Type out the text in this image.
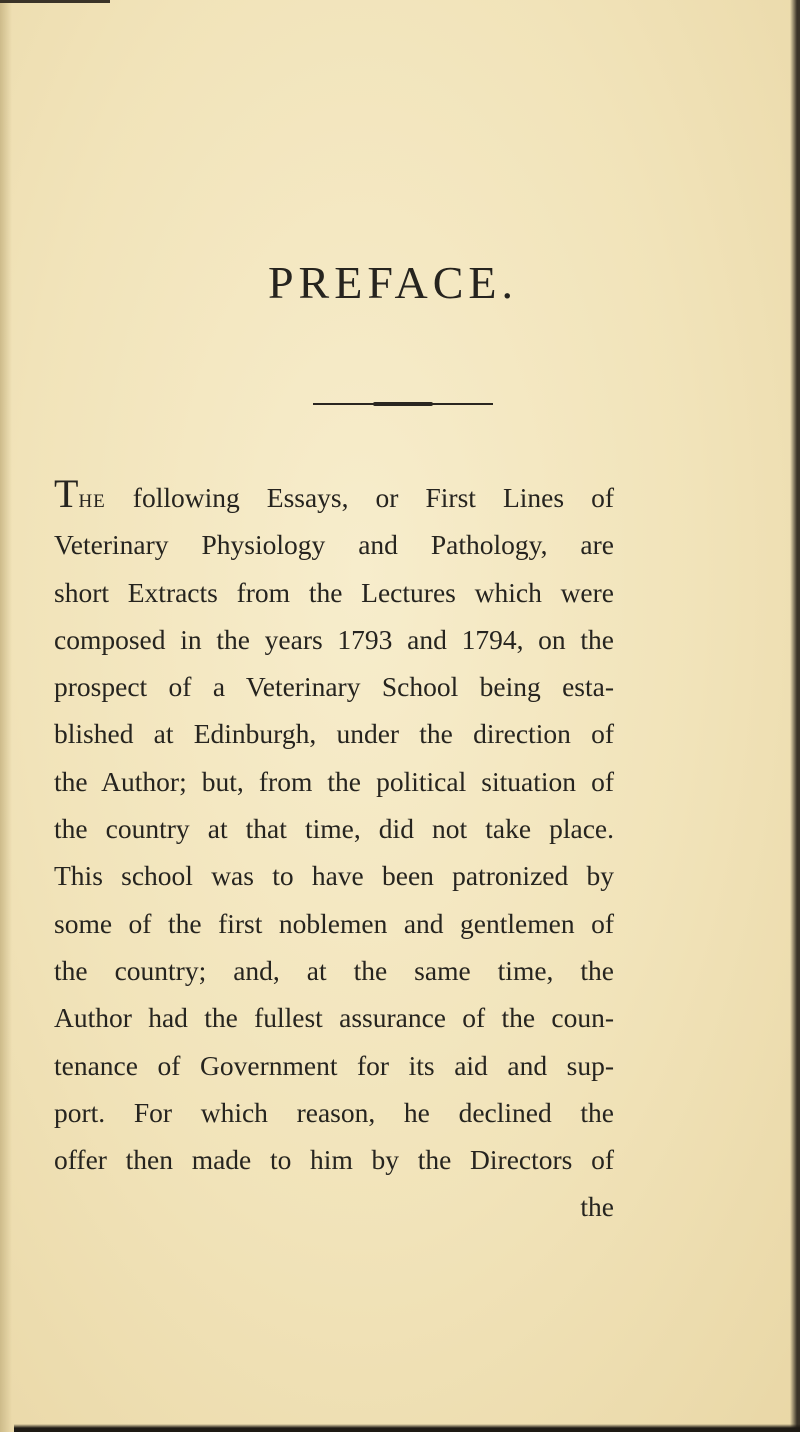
PREFACE.

The following Essays, or First Lines of
Veterinary Physiology and Pathology, are
short Extracts from the Lectures which were
composed in the years 1793 and 1794, on the
prospect of a Veterinary School being esta-
blished at Edinburgh, under the direction of
the Author; but, from the political situation of
the country at that time, did not take place.
This school was to have been patronized by
some of the first noblemen and gentlemen of
the country; and, at the same time, the
Author had the fullest assurance of the coun-
tenance of Government for its aid and sup-
port. For which reason, he declined the
offer then made to him by the Directors of
the
